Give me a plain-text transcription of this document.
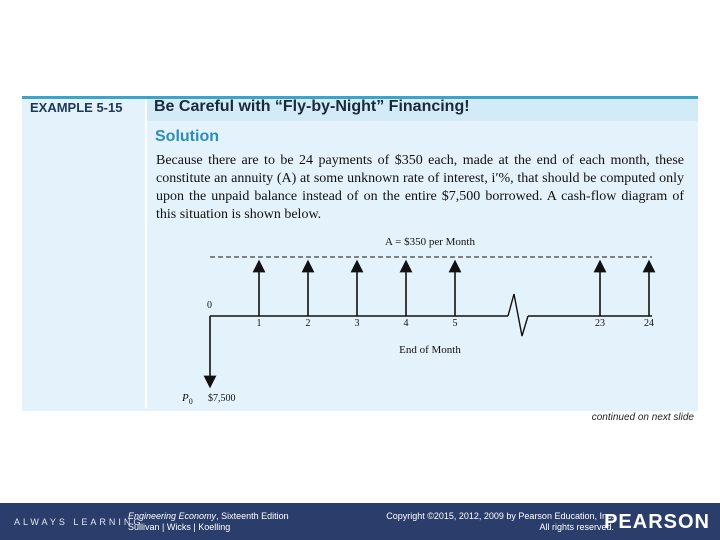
EXAMPLE 5-15 Be Careful with “Fly-by-Night” Financing!
Solution
Because there are to be 24 payments of $350 each, made at the end of each month, these constitute an annuity (A) at some unknown rate of interest, i′%, that should be computed only upon the unpaid balance instead of on the entire $7,500 borrowed. A cash-flow diagram of this situation is shown below.
A = $350 per Month
0
$P_0$ $7,500
1	2	3	4	5	23	24
End of Month
continued on next slide
ALWAYS LEARNING
Engineering Economy, Sixteenth Edition
Sullivan | Wicks | Koelling
Copyright ©2015, 2012, 2009 by Pearson Education, Inc.
All rights reserved.
PEARSON
